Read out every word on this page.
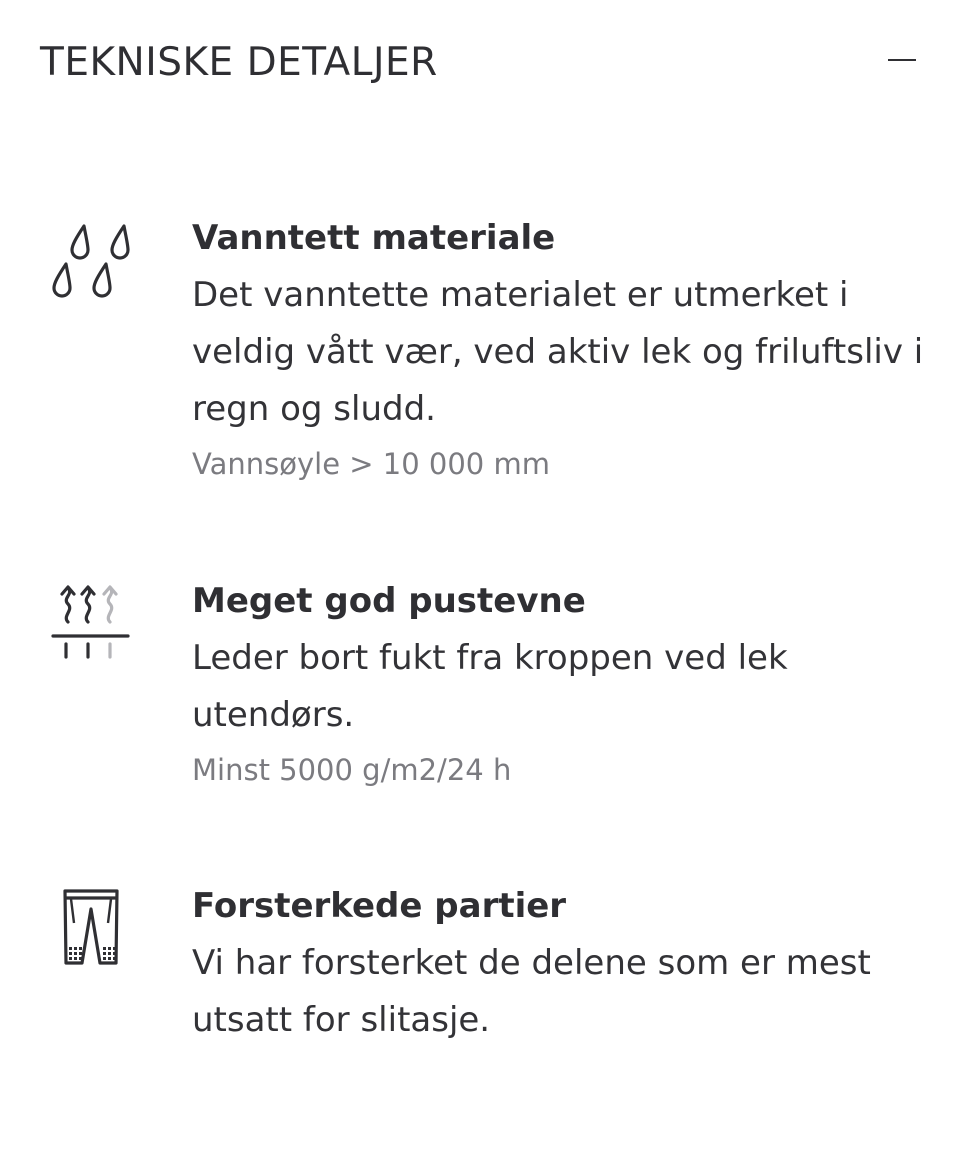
TEKNISKE DETALJER
Vanntett materiale
Det vanntette materialet er utmerket i veldig vått vær, ved aktiv lek og friluftsliv i regn og sludd.
Vannsøyle > 10 000 mm
Meget god pustevne
Leder bort fukt fra kroppen ved lek utendørs.
Minst 5000 g/m2/24 h
Forsterkede partier
Vi har forsterket de delene som er mest utsatt for slitasje.
